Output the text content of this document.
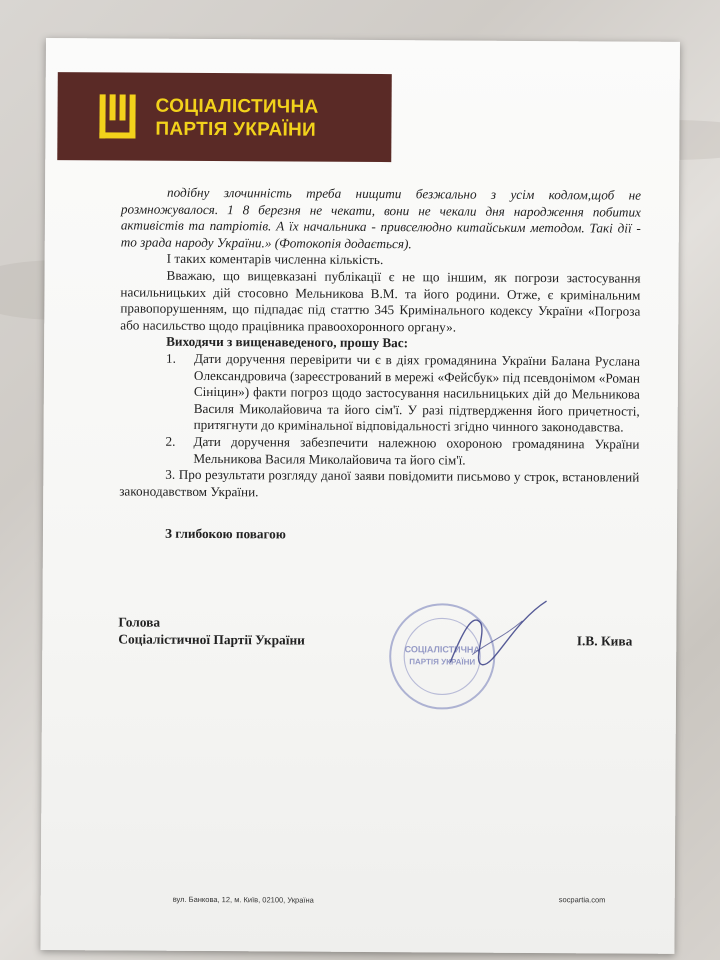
СОЦІАЛІСТИЧНА
ПАРТІЯ УКРАЇНИ

подібну злочинність треба нищити безжально з усім кодлом,щоб не розмножувалося. 1 8 березня не чекати, вони не чекали дня народження побитих активістів та патріотів. А їх начальника - привселюдно китайським методом. Такі дії - то зрада народу України.» (Фотокопія додається).

І таких коментарів численна кількість.

Вважаю, що вищевказані публікації є не що іншим, як погрози застосування насильницьких дій стосовно Мельникова В.М. та його родини. Отже, є кримінальним правопорушенням, що підпадає під статтю 345 Кримінального кодексу України «Погроза або насильство щодо працівника правоохоронного органу».

Виходячи з вищенаведеного, прошу Вас:

1.	Дати доручення перевірити чи є в діях громадянина України Балана Руслана Олександровича (зареєстрований в мережі «Фейсбук» під псевдонімом «Роман Сініцин») факти погроз щодо застосування насильницьких дій до Мельникова Василя Миколайовича та його сім'ї. У разі підтвердження його причетності, притягнути до кримінальної відповідальності згідно чинного законодавства.
2.	Дати доручення забезпечити належною охороною громадянина України Мельникова Василя Миколайовича та його сім'ї.

3. Про результати розгляду даної заяви повідомити письмово у строк, встановлений законодавством України.

З глибокою повагою

Голова
Соціалістичної Партії України	І.В. Кива
СОЦІАЛІСТИЧНА
ПАРТІЯ УКРАЇНИ
вул. Банкова, 12, м. Київ, 02100, Україна	socpartia.com
